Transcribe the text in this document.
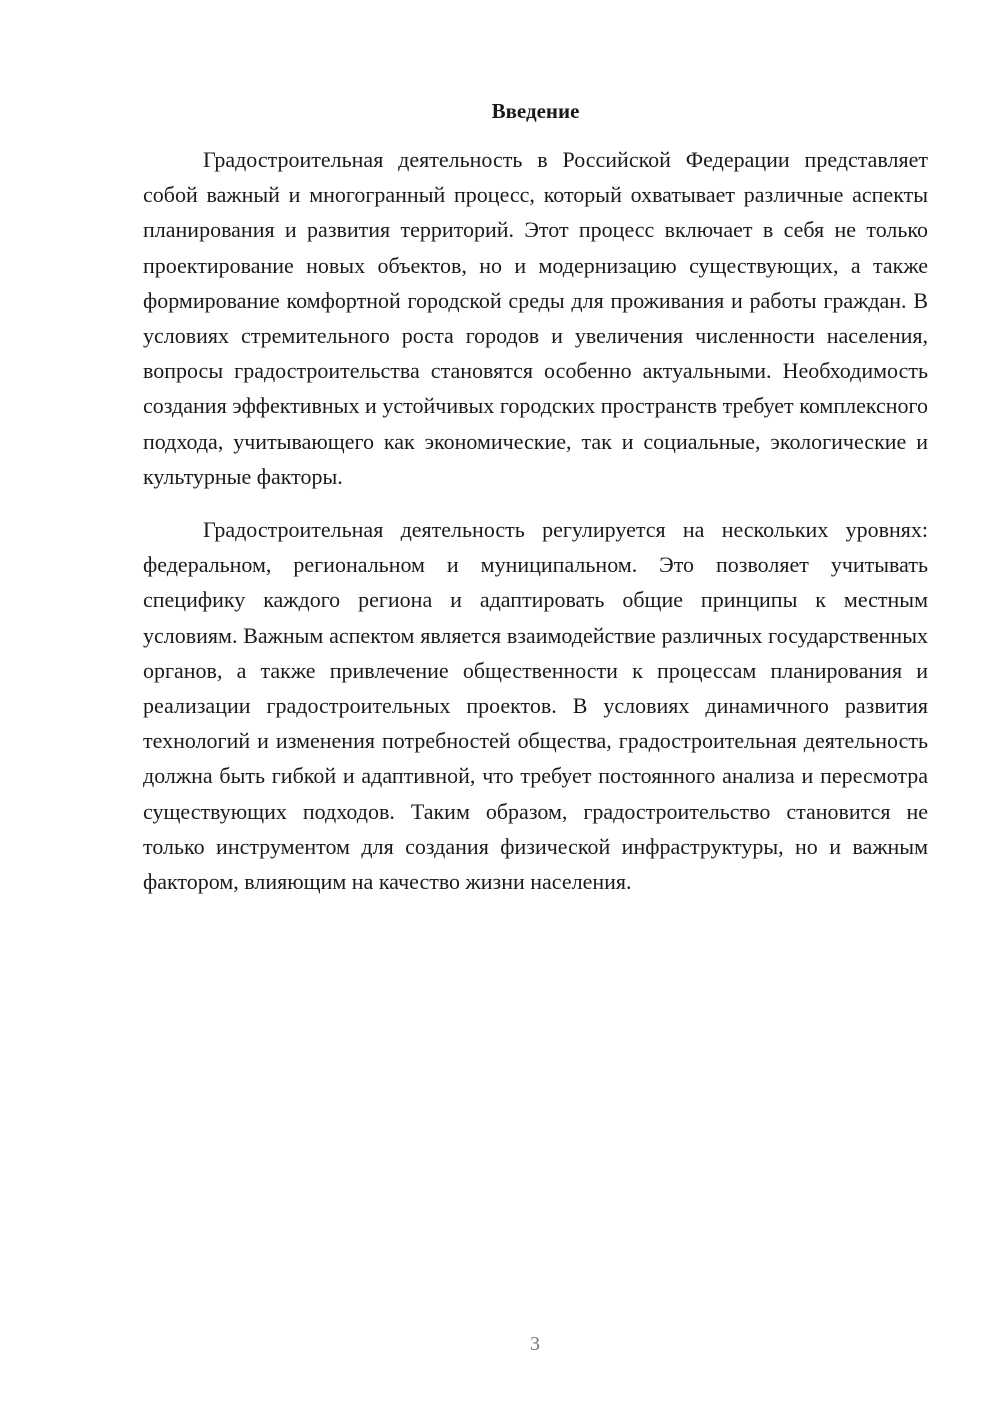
Введение

Градостроительная деятельность в Российской Федерации представляет собой важный и многогранный процесс, который охватывает различные аспекты планирования и развития территорий. Этот процесс включает в себя не только проектирование новых объектов, но и модернизацию существующих, а также формирование комфортной городской среды для проживания и работы граждан. В условиях стремительного роста городов и увеличения численности населения, вопросы градостроительства становятся особенно актуальными. Необходимость создания эффективных и устойчивых городских пространств требует комплексного подхода, учитывающего как экономические, так и социальные, экологические и культурные факторы.

Градостроительная деятельность регулируется на нескольких уровнях: федеральном, региональном и муниципальном. Это позволяет учитывать специфику каждого региона и адаптировать общие принципы к местным условиям. Важным аспектом является взаимодействие различных государственных органов, а также привлечение общественности к процессам планирования и реализации градостроительных проектов. В условиях динамичного развития технологий и изменения потребностей общества, градостроительная деятельность должна быть гибкой и адаптивной, что требует постоянного анализа и пересмотра существующих подходов. Таким образом, градостроительство становится не только инструментом для создания физической инфраструктуры, но и важным фактором, влияющим на качество жизни населения.

3
